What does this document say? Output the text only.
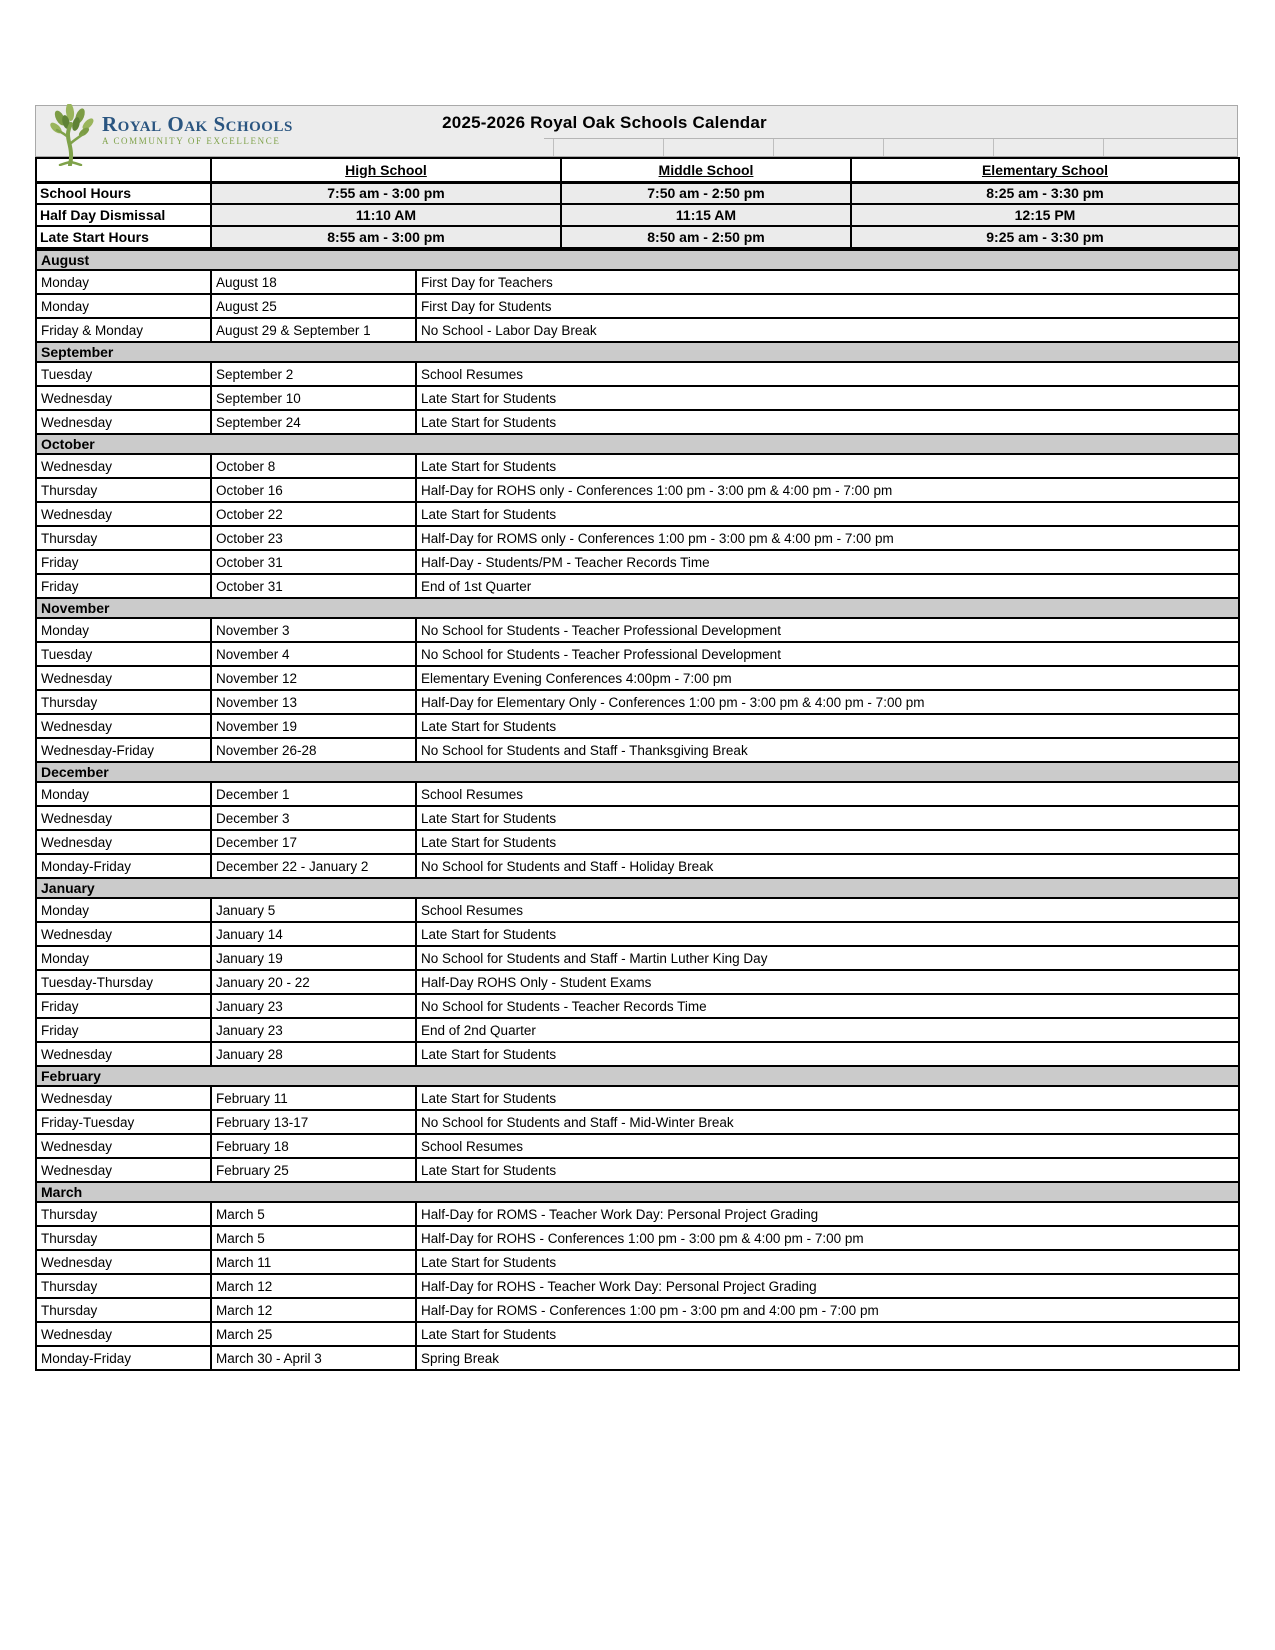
Royal Oak Schools
A COMMUNITY OF EXCELLENCE
2025-2026 Royal Oak Schools Calendar
	High School	Middle School	Elementary School
School Hours	7:55 am - 3:00 pm	7:50 am - 2:50 pm	8:25 am - 3:30 pm
Half Day Dismissal	11:10 AM	11:15 AM	12:15 PM
Late Start Hours	8:55 am - 3:00 pm	8:50 am - 2:50 pm	9:25 am - 3:30 pm
August		
Monday	August 18	First Day for Teachers
Monday	August 25	First Day for Students
Friday & Monday	August 29 & September 1	No School - Labor Day Break
September		
Tuesday	September 2	School Resumes
Wednesday	September 10	Late Start for Students
Wednesday	September 24	Late Start for Students
October		
Wednesday	October 8	Late Start for Students
Thursday	October 16	Half-Day for ROHS only - Conferences 1:00 pm - 3:00 pm & 4:00 pm - 7:00 pm
Wednesday	October 22	Late Start for Students
Thursday	October 23	Half-Day for ROMS only - Conferences 1:00 pm - 3:00 pm & 4:00 pm - 7:00 pm
Friday	October 31	Half-Day - Students/PM - Teacher Records Time
Friday	October 31	End of 1st Quarter
November		
Monday	November 3	No School for Students - Teacher Professional Development
Tuesday	November 4	No School for Students - Teacher Professional Development
Wednesday	November 12	Elementary Evening Conferences 4:00pm - 7:00 pm
Thursday	November 13	Half-Day for Elementary Only - Conferences 1:00 pm - 3:00 pm & 4:00 pm - 7:00 pm
Wednesday	November 19	Late Start for Students
Wednesday-Friday	November 26-28	No School for Students and Staff - Thanksgiving Break
December		
Monday	December 1	School Resumes
Wednesday	December 3	Late Start for Students
Wednesday	December 17	Late Start for Students
Monday-Friday	December 22 - January 2	No School for Students and Staff - Holiday Break
January		
Monday	January 5	School Resumes
Wednesday	January 14	Late Start for Students
Monday	January 19	No School for Students and Staff - Martin Luther King Day
Tuesday-Thursday	January 20 - 22	Half-Day ROHS Only - Student Exams
Friday	January 23	No School for Students - Teacher Records Time
Friday	January 23	End of 2nd Quarter
Wednesday	January 28	Late Start for Students
February		
Wednesday	February 11	Late Start for Students
Friday-Tuesday	February 13-17	No School for Students and Staff - Mid-Winter Break
Wednesday	February 18	School Resumes
Wednesday	February 25	Late Start for Students
March		
Thursday	March 5	Half-Day for ROMS - Teacher Work Day: Personal Project Grading
Thursday	March 5	Half-Day for ROHS - Conferences 1:00 pm - 3:00 pm & 4:00 pm - 7:00 pm
Wednesday	March 11	Late Start for Students
Thursday	March 12	Half-Day for ROHS - Teacher Work Day: Personal Project Grading
Thursday	March 12	Half-Day for ROMS - Conferences 1:00 pm - 3:00 pm and 4:00 pm - 7:00 pm
Wednesday	March 25	Late Start for Students
Monday-Friday	March 30 - April 3	Spring Break
